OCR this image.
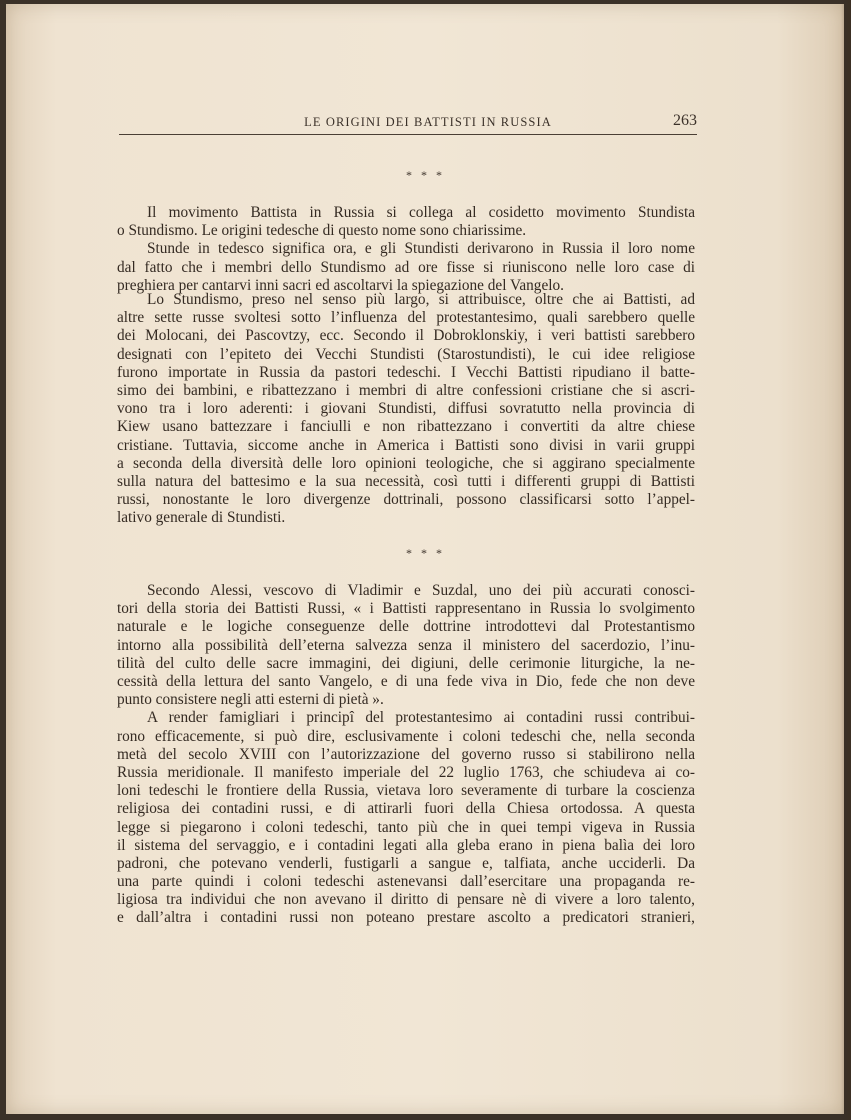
LE ORIGINI DEI BATTISTI IN RUSSIA	263
* * *
Il movimento Battista in Russia si collega al cosidetto movimento Stundista
o Stundismo. Le origini tedesche di questo nome sono chiarissime.
Stunde in tedesco significa ora, e gli Stundisti derivarono in Russia il loro nome
dal fatto che i membri dello Stundismo ad ore fisse si riuniscono nelle loro case di
preghiera per cantarvi inni sacri ed ascoltarvi la spiegazione del Vangelo.
Lo Stundismo, preso nel senso più largo, si attribuisce, oltre che ai Battisti, ad
altre sette russe svoltesi sotto l’influenza del protestantesimo, quali sarebbero quelle
dei Molocani, dei Pascovtzy, ecc. Secondo il Dobroklonskiy, i veri battisti sarebbero
designati con l’epiteto dei Vecchi Stundisti (Starostundisti), le cui idee religiose
furono importate in Russia da pastori tedeschi. I Vecchi Battisti ripudiano il batte-
simo dei bambini, e ribattezzano i membri di altre confessioni cristiane che si ascri-
vono tra i loro aderenti: i giovani Stundisti, diffusi sovratutto nella provincia di
Kiew usano battezzare i fanciulli e non ribattezzano i convertiti da altre chiese
cristiane. Tuttavia, siccome anche in America i Battisti sono divisi in varii gruppi
a seconda della diversità delle loro opinioni teologiche, che si aggirano specialmente
sulla natura del battesimo e la sua necessità, così tutti i differenti gruppi di Battisti
russi, nonostante le loro divergenze dottrinali, possono classificarsi sotto l’appel-
lativo generale di Stundisti.
* * *
Secondo Alessi, vescovo di Vladimir e Suzdal, uno dei più accurati conosci-
tori della storia dei Battisti Russi, « i Battisti rappresentano in Russia lo svolgimento
naturale e le logiche conseguenze delle dottrine introdottevi dal Protestantismo
intorno alla possibilità dell’eterna salvezza senza il ministero del sacerdozio, l’inu-
tilità del culto delle sacre immagini, dei digiuni, delle cerimonie liturgiche, la ne-
cessità della lettura del santo Vangelo, e di una fede viva in Dio, fede che non deve
punto consistere negli atti esterni di pietà ».
A render famigliari i principî del protestantesimo ai contadini russi contribui-
rono efficacemente, si può dire, esclusivamente i coloni tedeschi che, nella seconda
metà del secolo XVIII con l’autorizzazione del governo russo si stabilirono nella
Russia meridionale. Il manifesto imperiale del 22 luglio 1763, che schiudeva ai co-
loni tedeschi le frontiere della Russia, vietava loro severamente di turbare la coscienza
religiosa dei contadini russi, e di attirarli fuori della Chiesa ortodossa. A questa
legge si piegarono i coloni tedeschi, tanto più che in quei tempi vigeva in Russia
il sistema del servaggio, e i contadini legati alla gleba erano in piena balìa dei loro
padroni, che potevano venderli, fustigarli a sangue e, talfiata, anche ucciderli. Da
una parte quindi i coloni tedeschi astenevansi dall’esercitare una propaganda re-
ligiosa tra individui che non avevano il diritto di pensare nè di vivere a loro talento,
e dall’altra i contadini russi non poteano prestare ascolto a predicatori stranieri,
